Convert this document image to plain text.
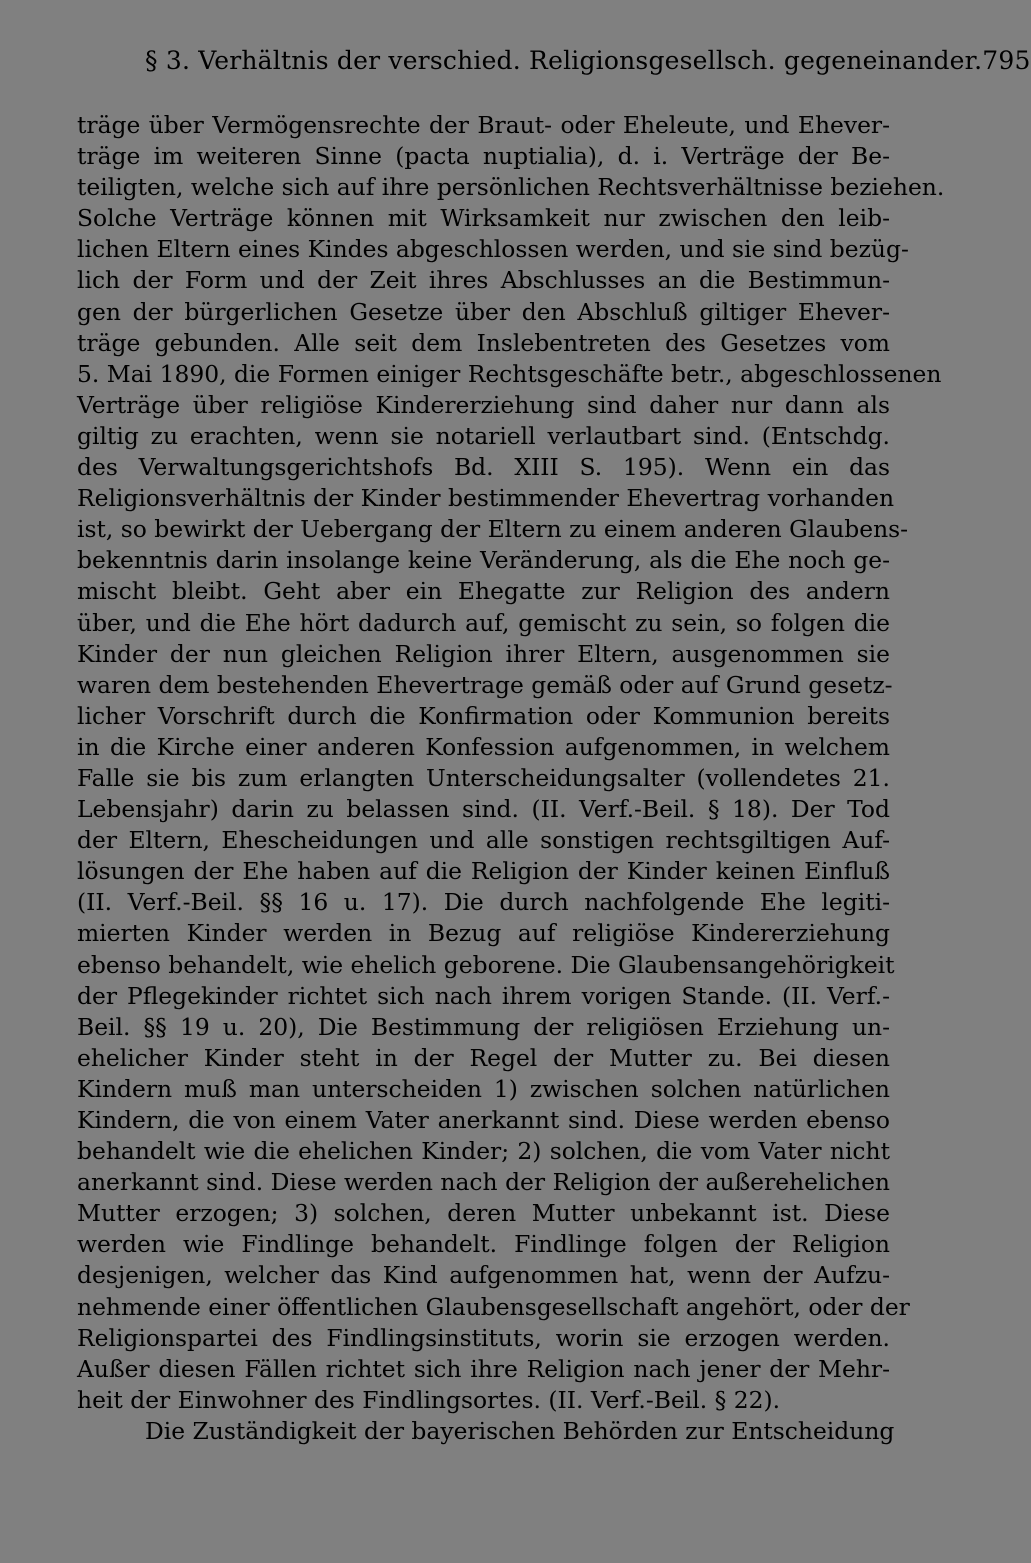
§ 3. Verhältnis der verschied. Religionsgesellsch. gegeneinander. 795
träge über Vermögensrechte der Braut- oder Eheleute, und Ehever-
träge im weiteren Sinne (pacta nuptialia), d. i. Verträge der Be-
teiligten, welche sich auf ihre persönlichen Rechtsverhältnisse beziehen.
Solche Verträge können mit Wirksamkeit nur zwischen den leib-
lichen Eltern eines Kindes abgeschlossen werden, und sie sind bezüg-
lich der Form und der Zeit ihres Abschlusses an die Bestimmun-
gen der bürgerlichen Gesetze über den Abschluß giltiger Ehever-
träge gebunden. Alle seit dem Inslebentreten des Gesetzes vom
5. Mai 1890, die Formen einiger Rechtsgeschäfte betr., abgeschlossenen
Verträge über religiöse Kindererziehung sind daher nur dann als
giltig zu erachten, wenn sie notariell verlautbart sind. (Entschdg.
des Verwaltungsgerichtshofs Bd. XIII S. 195). Wenn ein das
Religionsverhältnis der Kinder bestimmender Ehevertrag vorhanden
ist, so bewirkt der Uebergang der Eltern zu einem anderen Glaubens-
bekenntnis darin insolange keine Veränderung, als die Ehe noch ge-
mischt bleibt. Geht aber ein Ehegatte zur Religion des andern
über, und die Ehe hört dadurch auf, gemischt zu sein, so folgen die
Kinder der nun gleichen Religion ihrer Eltern, ausgenommen sie
waren dem bestehenden Ehevertrage gemäß oder auf Grund gesetz-
licher Vorschrift durch die Konfirmation oder Kommunion bereits
in die Kirche einer anderen Konfession aufgenommen, in welchem
Falle sie bis zum erlangten Unterscheidungsalter (vollendetes 21.
Lebensjahr) darin zu belassen sind. (II. Verf.-Beil. § 18). Der Tod
der Eltern, Ehescheidungen und alle sonstigen rechtsgiltigen Auf-
lösungen der Ehe haben auf die Religion der Kinder keinen Einfluß
(II. Verf.-Beil. §§ 16 u. 17). Die durch nachfolgende Ehe legiti-
mierten Kinder werden in Bezug auf religiöse Kindererziehung
ebenso behandelt, wie ehelich geborene. Die Glaubensangehörigkeit
der Pflegekinder richtet sich nach ihrem vorigen Stande. (II. Verf.-
Beil. §§ 19 u. 20), Die Bestimmung der religiösen Erziehung un-
ehelicher Kinder steht in der Regel der Mutter zu. Bei diesen
Kindern muß man unterscheiden 1) zwischen solchen natürlichen
Kindern, die von einem Vater anerkannt sind. Diese werden ebenso
behandelt wie die ehelichen Kinder; 2) solchen, die vom Vater nicht
anerkannt sind. Diese werden nach der Religion der außerehelichen
Mutter erzogen; 3) solchen, deren Mutter unbekannt ist. Diese
werden wie Findlinge behandelt. Findlinge folgen der Religion
desjenigen, welcher das Kind aufgenommen hat, wenn der Aufzu-
nehmende einer öffentlichen Glaubensgesellschaft angehört, oder der
Religionspartei des Findlingsinstituts, worin sie erzogen werden.
Außer diesen Fällen richtet sich ihre Religion nach jener der Mehr-
heit der Einwohner des Findlingsortes. (II. Verf.-Beil. § 22).
Die Zuständigkeit der bayerischen Behörden zur Entscheidung
